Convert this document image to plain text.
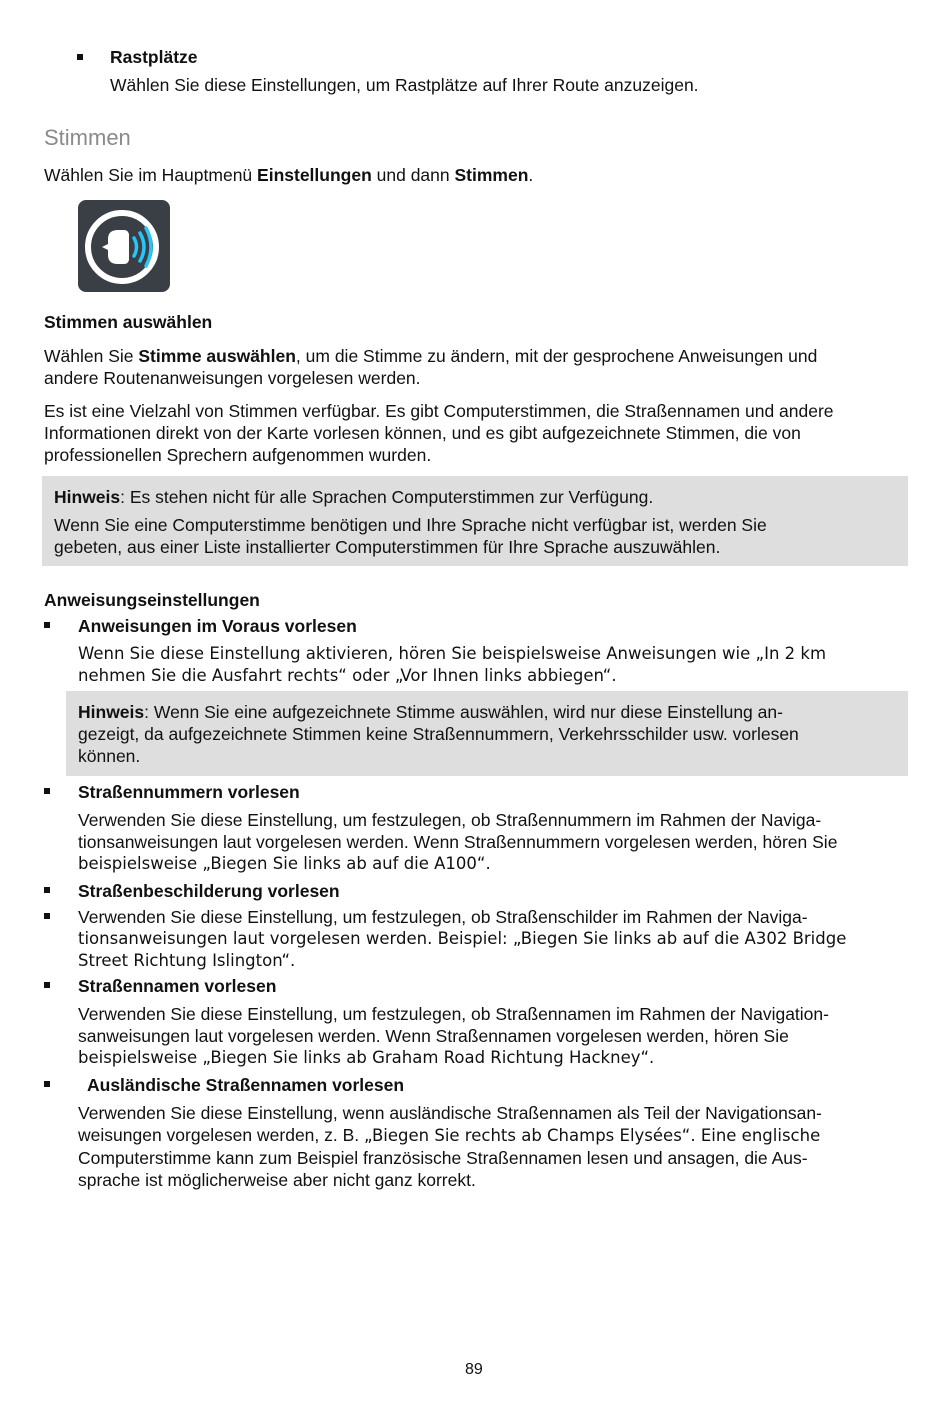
Rastplätze
Wählen Sie diese Einstellungen, um Rastplätze auf Ihrer Route anzuzeigen.
Stimmen
Wählen Sie im Hauptmenü Einstellungen und dann Stimmen.
Stimmen auswählen
Wählen Sie Stimme auswählen, um die Stimme zu ändern, mit der gesprochene Anweisungen und
andere Routenanweisungen vorgelesen werden.
Es ist eine Vielzahl von Stimmen verfügbar. Es gibt Computerstimmen, die Straßennamen und andere
Informationen direkt von der Karte vorlesen können, und es gibt aufgezeichnete Stimmen, die von
professionellen Sprechern aufgenommen wurden.
Hinweis: Es stehen nicht für alle Sprachen Computerstimmen zur Verfügung.
Wenn Sie eine Computerstimme benötigen und Ihre Sprache nicht verfügbar ist, werden Sie
gebeten, aus einer Liste installierter Computerstimmen für Ihre Sprache auszuwählen.
Anweisungseinstellungen
Anweisungen im Voraus vorlesen
Wenn Sie diese Einstellung aktivieren, hören Sie beispielsweise Anweisungen wie „In 2 km
nehmen Sie die Ausfahrt rechts“ oder „Vor Ihnen links abbiegen“.
Hinweis: Wenn Sie eine aufgezeichnete Stimme auswählen, wird nur diese Einstellung an-
gezeigt, da aufgezeichnete Stimmen keine Straßennummern, Verkehrsschilder usw. vorlesen
können.
Straßennummern vorlesen
Verwenden Sie diese Einstellung, um festzulegen, ob Straßennummern im Rahmen der Naviga-
tionsanweisungen laut vorgelesen werden. Wenn Straßennummern vorgelesen werden, hören Sie
beispielsweise „Biegen Sie links ab auf die A100“.
Straßenbeschilderung vorlesen
Verwenden Sie diese Einstellung, um festzulegen, ob Straßenschilder im Rahmen der Naviga-
tionsanweisungen laut vorgelesen werden. Beispiel: „Biegen Sie links ab auf die A302 Bridge
Street Richtung Islington“.
Straßennamen vorlesen
Verwenden Sie diese Einstellung, um festzulegen, ob Straßennamen im Rahmen der Navigation-
sanweisungen laut vorgelesen werden. Wenn Straßennamen vorgelesen werden, hören Sie
beispielsweise „Biegen Sie links ab Graham Road Richtung Hackney“.
Ausländische Straßennamen vorlesen
Verwenden Sie diese Einstellung, wenn ausländische Straßennamen als Teil der Navigationsan-
weisungen vorgelesen werden, z. B. „Biegen Sie rechts ab Champs Elysées“. Eine englische
Computerstimme kann zum Beispiel französische Straßennamen lesen und ansagen, die Aus-
sprache ist möglicherweise aber nicht ganz korrekt.
89
